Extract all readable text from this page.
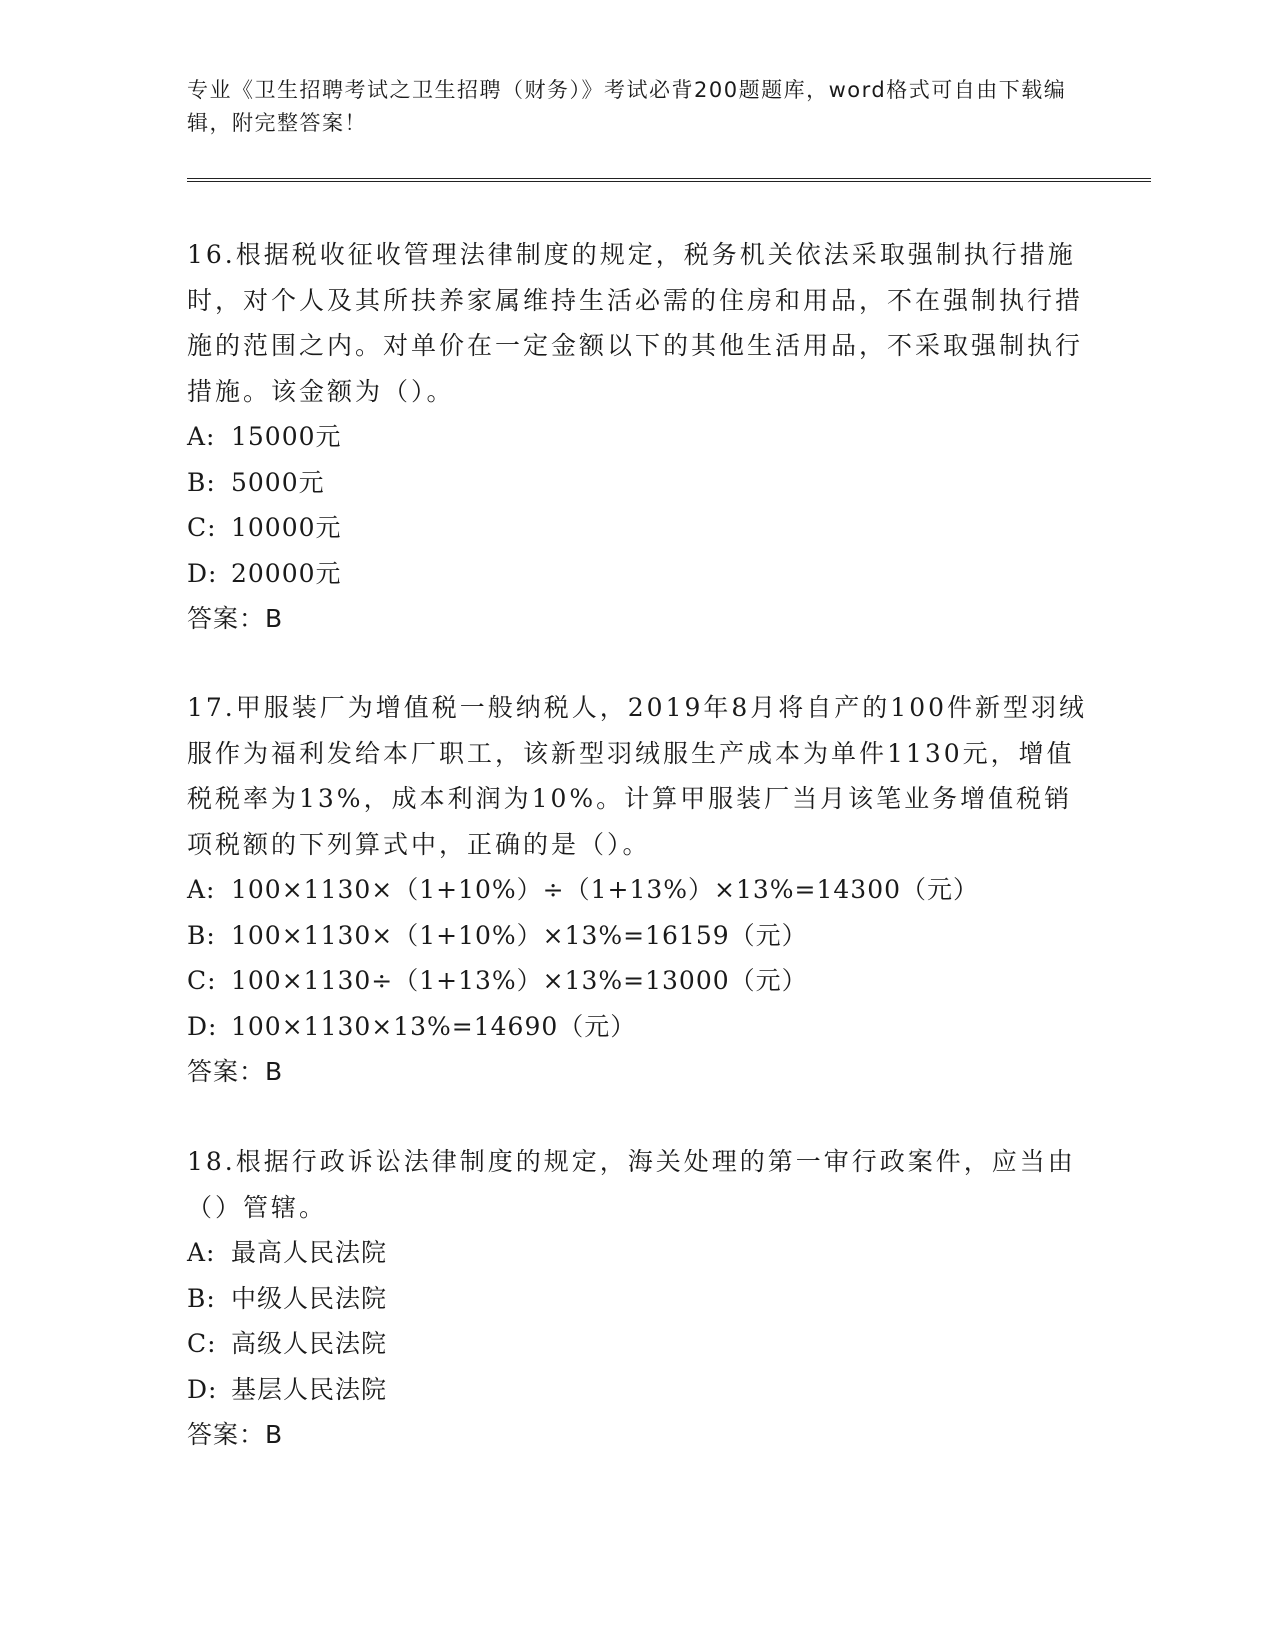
专业《卫生招聘考试之卫生招聘（财务）》考试必背200题题库，word格式可自由下载编辑，附完整答案！

16.根据税收征收管理法律制度的规定，税务机关依法采取强制执行措施时，对个人及其所扶养家属维持生活必需的住房和用品，不在强制执行措施的范围之内。对单价在一定金额以下的其他生活用品，不采取强制执行措施。该金额为（）。

A: 15000元

B: 5000元

C: 10000元

D: 20000元

答案：B

17.甲服装厂为增值税一般纳税人，2019年8月将自产的100件新型羽绒服作为福利发给本厂职工，该新型羽绒服生产成本为单件1130元，增值税税率为13%，成本利润为10%。计算甲服装厂当月该笔业务增值税销项税额的下列算式中，正确的是（）。

A: 100×1130×（1+10%）÷（1+13%）×13%=14300（元）

B: 100×1130×（1+10%）×13%=16159（元）

C: 100×1130÷（1+13%）×13%=13000（元）

D: 100×1130×13%=14690（元）

答案：B

18.根据行政诉讼法律制度的规定，海关处理的第一审行政案件，应当由（）管辖。

A: 最高人民法院

B: 中级人民法院

C: 高级人民法院

D: 基层人民法院

答案：B
